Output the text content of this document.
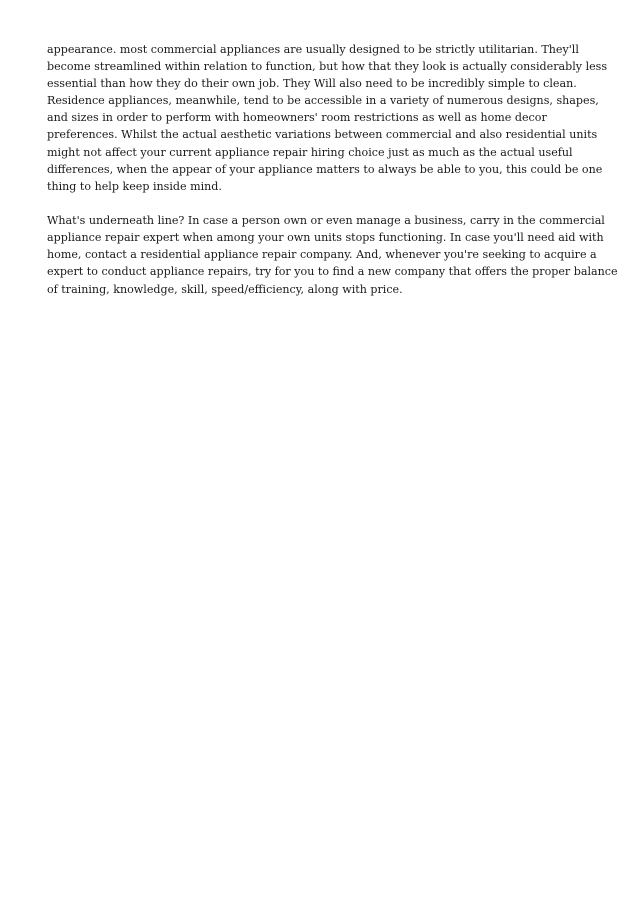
appearance. most commercial appliances are usually designed to be strictly utilitarian. They'll
become streamlined within relation to function, but how that they look is actually considerably less
essential than how they do their own job. They Will also need to be incredibly simple to clean.
Residence appliances, meanwhile, tend to be accessible in a variety of numerous designs, shapes,
and sizes in order to perform with homeowners' room restrictions as well as home decor
preferences. Whilst the actual aesthetic variations between commercial and also residential units
might not affect your current appliance repair hiring choice just as much as the actual useful
differences, when the appear of your appliance matters to always be able to you, this could be one
thing to help keep inside mind.
What's underneath line? In case a person own or even manage a business, carry in the commercial
appliance repair expert when among your own units stops functioning. In case you'll need aid with
home, contact a residential appliance repair company. And, whenever you're seeking to acquire a
expert to conduct appliance repairs, try for you to find a new company that offers the proper balance
of training, knowledge, skill, speed/efficiency, along with price.
